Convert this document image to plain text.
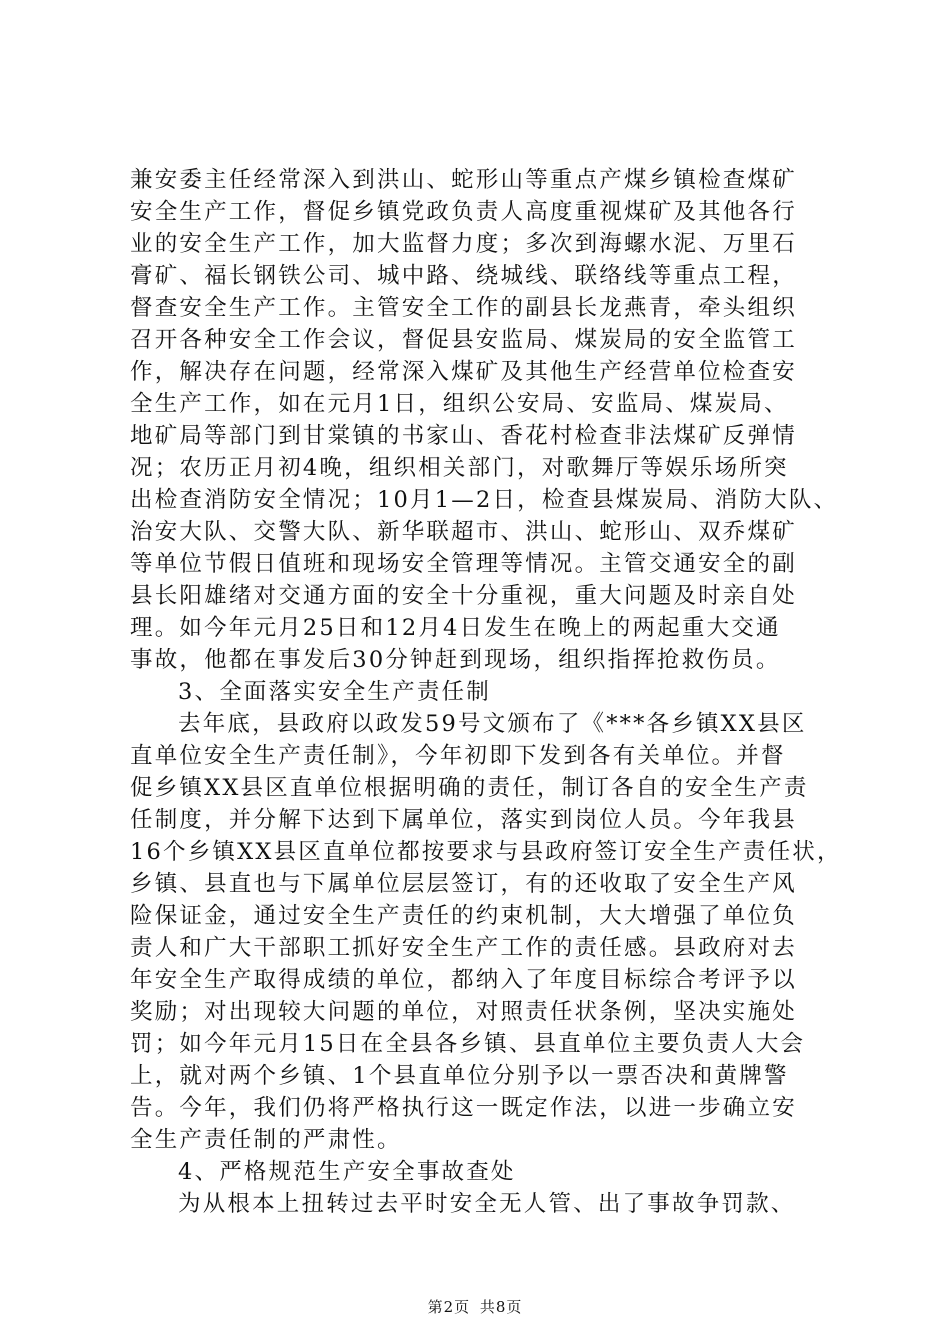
兼安委主任经常深入到洪山、蛇形山等重点产煤乡镇检查煤矿
安全生产工作，督促乡镇党政负责人高度重视煤矿及其他各行
业的安全生产工作，加大监督力度；多次到海螺水泥、万里石
膏矿、福长钢铁公司、城中路、绕城线、联络线等重点工程，
督查安全生产工作。主管安全工作的副县长龙燕青，牵头组织
召开各种安全工作会议，督促县安监局、煤炭局的安全监管工
作，解决存在问题，经常深入煤矿及其他生产经营单位检查安
全生产工作，如在元月1日，组织公安局、安监局、煤炭局、
地矿局等部门到甘棠镇的书家山、香花村检查非法煤矿反弹情
况；农历正月初4晚，组织相关部门，对歌舞厅等娱乐场所突
出检查消防安全情况；10月1—2日，检查县煤炭局、消防大队、
治安大队、交警大队、新华联超市、洪山、蛇形山、双乔煤矿
等单位节假日值班和现场安全管理等情况。主管交通安全的副
县长阳雄绪对交通方面的安全十分重视，重大问题及时亲自处
理。如今年元月25日和12月4日发生在晚上的两起重大交通
事故，他都在事发后30分钟赶到现场，组织指挥抢救伤员。
3、全面落实安全生产责任制
去年底，县政府以政发59号文颁布了《***各乡镇XX县区
直单位安全生产责任制》，今年初即下发到各有关单位。并督
促乡镇XX县区直单位根据明确的责任，制订各自的安全生产责
任制度，并分解下达到下属单位，落实到岗位人员。今年我县
16个乡镇XX县区直单位都按要求与县政府签订安全生产责任状，
乡镇、县直也与下属单位层层签订，有的还收取了安全生产风
险保证金，通过安全生产责任的约束机制，大大增强了单位负
责人和广大干部职工抓好安全生产工作的责任感。县政府对去
年安全生产取得成绩的单位，都纳入了年度目标综合考评予以
奖励；对出现较大问题的单位，对照责任状条例，坚决实施处
罚；如今年元月15日在全县各乡镇、县直单位主要负责人大会
上，就对两个乡镇、1个县直单位分别予以一票否决和黄牌警
告。今年，我们仍将严格执行这一既定作法，以进一步确立安
全生产责任制的严肃性。
4、严格规范生产安全事故查处
为从根本上扭转过去平时安全无人管、出了事故争罚款、
第2页 共8页
